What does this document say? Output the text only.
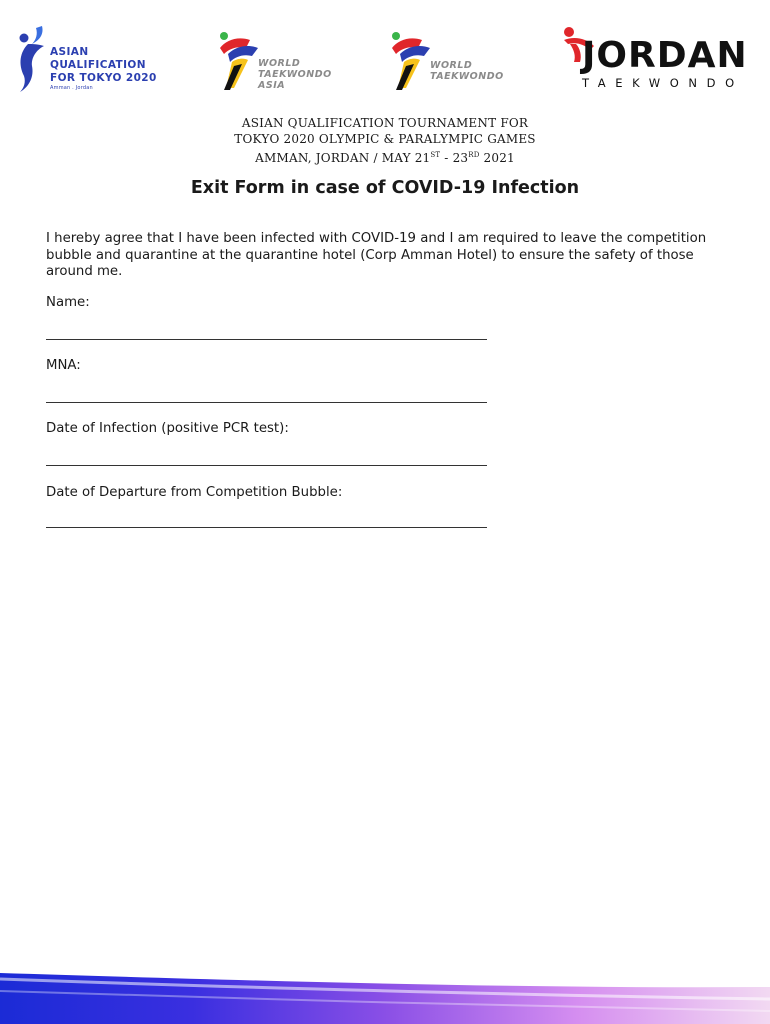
ASIAN
QUALIFICATION
FOR TOKYO 2020
Amman . Jordan
WORLD
TAEKWONDO
ASIA
WORLD
TAEKWONDO
JORDAN
TAEKWONDO
ASIAN QUALIFICATION TOURNAMENT FOR
TOKYO 2020 OLYMPIC & PARALYMPIC GAMES
AMMAN, JORDAN / MAY 21ST - 23RD 2021
Exit Form in case of COVID-19 Infection
I hereby agree that I have been infected with COVID-19 and I am required to leave the competition bubble and quarantine at the quarantine hotel (Corp Amman Hotel) to ensure the safety of those around me.
Name:
MNA:
Date of Infection (positive PCR test):
Date of Departure from Competition Bubble:
